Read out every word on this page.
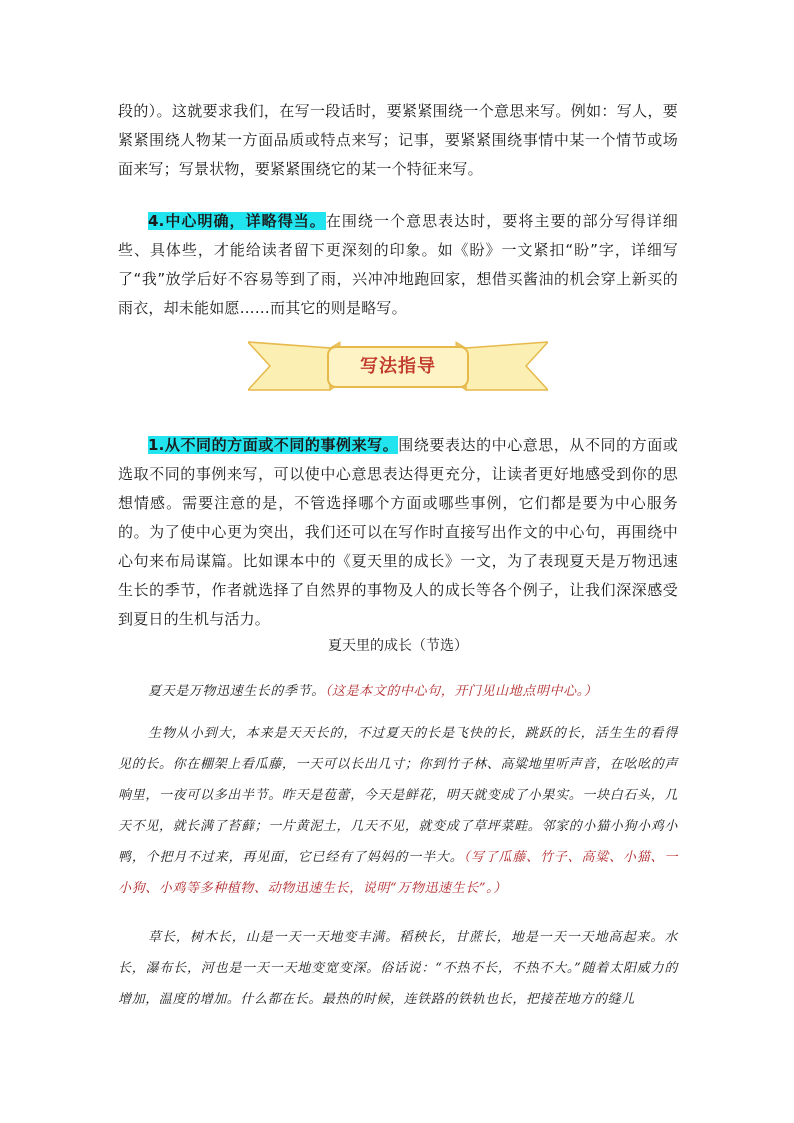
段的）。这就要求我们，在写一段话时，要紧紧围绕一个意思来写。例如：写人，要紧紧围绕人物某一方面品质或特点来写；记事，要紧紧围绕事情中某一个情节或场面来写；写景状物，要紧紧围绕它的某一个特征来写。

4.中心明确，详略得当。在围绕一个意思表达时，要将主要的部分写得详细些、具体些，才能给读者留下更深刻的印象。如《盼》一文紧扣“盼”字，详细写了“我”放学后好不容易等到了雨，兴冲冲地跑回家，想借买酱油的机会穿上新买的雨衣，却未能如愿……而其它的则是略写。

写法指导

1.从不同的方面或不同的事例来写。围绕要表达的中心意思，从不同的方面或选取不同的事例来写，可以使中心意思表达得更充分，让读者更好地感受到你的思想情感。需要注意的是，不管选择哪个方面或哪些事例，它们都是要为中心服务的。为了使中心更为突出，我们还可以在写作时直接写出作文的中心句，再围绕中心句来布局谋篇。比如课本中的《夏天里的成长》一文，为了表现夏天是万物迅速生长的季节，作者就选择了自然界的事物及人的成长等各个例子，让我们深深感受到夏日的生机与活力。

夏天里的成长（节选）

夏天是万物迅速生长的季节。（这是本文的中心句，开门见山地点明中心。）

生物从小到大，本来是天天长的，不过夏天的长是飞快的长，跳跃的长，活生生的看得见的长。你在棚架上看瓜藤，一天可以长出几寸；你到竹子林、高粱地里听声音，在吆吆的声响里，一夜可以多出半节。昨天是苞蕾，今天是鲜花，明天就变成了小果实。一块白石头，几天不见，就长满了苔藓；一片黄泥土，几天不见，就变成了草坪菜畦。邻家的小猫小狗小鸡小鸭，个把月不过来，再见面，它已经有了妈妈的一半大。（写了瓜藤、竹子、高粱、小猫、一 小狗、小鸡等多种植物、动物迅速生长，说明“万物迅速生长”。）

草长，树木长，山是一天一天地变丰满。稻秧长，甘蔗长，地是一天一天地高起来。水长，瀑布长，河也是一天一天地变宽变深。俗话说：“不热不长，不热不大。”随着太阳威力的增加，温度的增加。什么都在长。最热的时候，连铁路的铁轨也长，把接茬地方的缝儿
